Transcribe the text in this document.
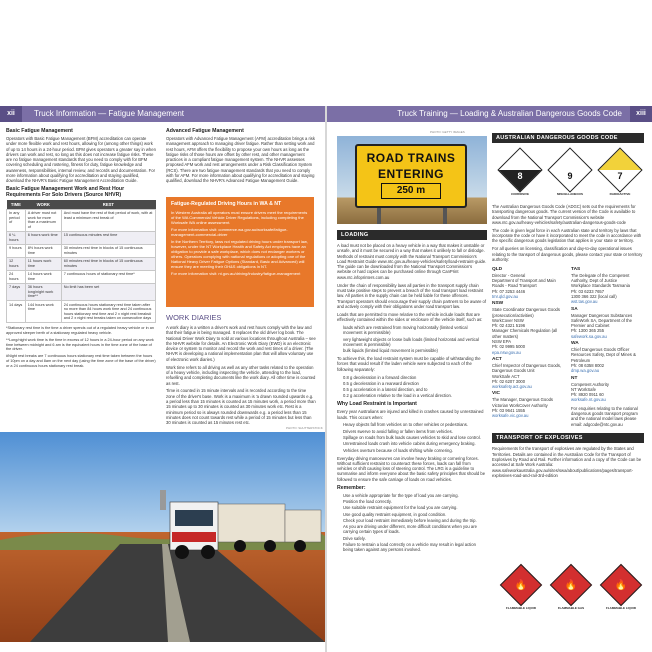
xii	Truck Information — Fatigue Management	Truck Training — Loading & Australian Dangerous Goods Code	xiii
Basic Fatigue Management

Operators with Basic Fatigue Management (BFM) accreditation can operate under more flexible work and rest hours, allowing for (among other things) work of up to 14 hours in a 24-hour period. BFM gives operators a greater say in when drivers can work and rest, so long as this does not increase fatigue risks. These are no fatigue management standards that you need to comply with for BFM covering scheduling and rostering, fitness for duty, fatigue knowledge and awareness, responsibilities, internal review, and records and documentation. For more information about qualifying for accreditation and staying qualified, download the NHVR's Basic Fatigue Management Accreditation Guide.

Basic Fatigue Management Work and Rest Hour Requirements For Solo Drivers (Source NHVR)
TIME	WORK	REST
In any period of	A driver must not work for more than a maximum of	And must have the rest of that period of work, with at least a minimum rest break of
6 ¼ hours	6 hours work time	15 continuous minutes rest time
9 hours	8½ hours work time	30 minutes rest time in blocks of 15 continuous minutes
12 hours	11 hours work time	60 minutes rest time in blocks of 15 continuous minutes
24 hours	14 hours work time	7 continuous hours of stationary rest time*
7 days	36 hours long/night work time**	No limit has been set
14 days	144 hours work time	24 continuous hours stationary rest time taken after no more than 84 hours work time and 24 continuous hours stationary rest time and 2 x night rest breaks# and 2 x night rest breaks taken on consecutive days

*Stationary rest time is the time a driver spends out of a regulated heavy vehicle or in an approved sleeper berth of a stationary regulated heavy vehicle.

**Long/night work time is the time in excess of 12 hours in a 24-hour period on any work time between midnight and 6 am is the equivalent hours in the time zone of the base of the driver.

#Night rest breaks are 7 continuous hours stationary rest time taken between the hours of 10pm on a day and 8am on the next day (using the time zone of the base of the driver) or a 24 continuous hours stationary rest break.

Advanced Fatigue Management

Operators with Advanced Fatigue Management (AFM) accreditation brings a risk management approach to managing driver fatigue. Rather than setting work and rest hours, AFM offers the flexibility to propose your own hours as long as the fatigue risks of those hours are offset by other rest, and other management practices in a compliant fatigue management system. The NHVR assesses proposed AFM work and rest arrangements under a Risk Classification System (RCS). There are two fatigue management standards that you need to comply with for AFM. For more information about qualifying for accreditation and staying qualified, download the NHVR's Advanced Fatigue Management Guide.

Fatigue-Regulated Driving Hours in WA & NT

In Western Australia all operators must ensure drivers meet the requirements of the WA Commercial Vehicle Driver Regulations, including completing the Worksafe WA online assessment.

For more information visit: commerce.wa.gov.au/worksafe/fatigue-management-commercial-driver

In the Northern Territory, laws not regulated driving hours under transport law, however, under the NT Workplace Health and Safety Act employers have an obligation to provide a safe workplace, which does not endanger workers or others. Operators complying with national regulations or adopting one of the National Heavy Driver Fatigue Options (Standard, Basic and Advanced) will ensure they are meeting their OH&S obligations in NT.

For more information visit: nt.gov.au/driving/industry/fatigue-management

WORK DIARIES

A work diary is a written a driver's work and rest hours comply with the law and that their fatigue is being managed. It replaces the old driver log book. The National Driver Work Diary to sold at various locations throughout Australia – see the NHVR website for details. An Electronic Work Diary (EWD) is an electronic device or system to monitor and record the work and rest times of a driver. (The NHVR is developing a national implementation plan that will allow voluntary use of electronic work diaries.)

Work time refers to all driving as well as any other tasks related to the operation of a heavy vehicle, including inspecting the vehicle, attending to the load, refuelling and completing documents like the work diary. All other time is counted as rest.

Time is counted in 15 minute intervals and is recorded according to the time zone of the driver's base. Work is a maximum is 'a drawn rounded upwards e.g. a period less than 15 minutes is counted as 15 minutes work, a period more than 15 minutes up to 30 minutes is counted as 30 minutes work etc. Rest is a minimum period so is always rounded downwards e.g. a period less than 15 minutes does not count towards rest while a period of 15 minutes but less than 30 minutes is counted as 15 minutes rest etc.

PHOTO: SHUTTERSTOCK
PHOTO: GETTY IMAGES
ROAD TRAINS
ENTERING
250 m
LOADING

A load must not be placed on a heavy vehicle in a way that makes it unstable or unsafe, and it must be secured in a way that makes it unlikely to fall or dislodge. Methods of restraint must comply with the National Transport Commission's Load Restraint Guide www.ntc.gov.au/heavy-vehicles/safety/load-restraint-guide. The guide can be downloaded from the National Transport Commission's website or hard copies can be purchased online through CanPrint www.ntc.infoprinters.com.au

Under the chain of responsibility laws all parties in the transport supply chain must take positive steps to prevent a breach of the road transport load restraint law. All parties in the supply chain can be held liable for these offences. Transport operators should encourage their supply chain partners to be aware of and actively comply with their obligations under road transport law.

Loads that are permitted to move relative to the vehicle include loads that are effectively contained within the sides or enclosure of the vehicle itself, such as:

• loads which are restrained from moving horizontally (limited vertical movement is permissible)
• very lightweight objects or loose bulk loads (limited horizontal and vertical movement is permissible)
• bulk liquids (limited liquid movement is permissible)

To achieve this, the load restraint system must be capable of withstanding the forces that would result if the laden vehicle were subjected to each of the following separately:

• 0.8 g deceleration in a forward direction
• 0.5 g deceleration in a rearward direction
• 0.5 g acceleration in a lateral direction, and to
• 0.2 g acceleration relative to the load in a vertical direction.
Why Load Restraint is Important

Every year Australians are injured and killed in crashes caused by unrestrained loads. This occurs when:

• Heavy objects fall from vehicles on to other vehicles or pedestrians.
• Drivers swerve to avoid falling or fallen items from vehicles.
• Spillage on roads from bulk loads causes vehicles to skid and lose control.
• Unrestrained loads crash into vehicle cabins during emergency braking.
• Vehicles overturn because of loads shifting while cornering.

Everyday driving manoeuvres can involve heavy braking or cornering forces. Without sufficient restraint to counteract these forces, loads can fall from vehicles or shift causing loss of steering control. The LRG is a guideline to summarise and inform everyone about the basic safety principles that should be followed to ensure the safe carriage of loads on road vehicles.

Remember:
• Use a vehicle appropriate for the type of load you are carrying.
• Position the load correctly.
• Use suitable restraint equipment for the load you are carrying.
• Use good quality restraint equipment, in good condition.
• Check your load restraint immediately before leaving and during the trip.
• As you are driving under different, more difficult conditions when you are carrying certain types of loads.
• Drive safely.
• Failure to restrain a load correctly on a vehicle may result in legal action being taken against any persons involved.
AUSTRALIAN DANGEROUS GOODS CODE
8
CORROSIVE
9
MISCELLANEOUS
7
RADIOACTIVE

The Australian Dangerous Goods Code (ADGC) sets out the requirements for transporting dangerous goods. The current version of the Code is available to download from the National Transport Commission's website www.ntc.gov.au/heavy-vehicles/safety/australian-dangerous-goods-code

The code is given legal force in each Australian state and territory by laws that incorporate the code or have it incorporated to meet the code in accordance with the specific dangerous goods legislation that applies in your state or territory.

For all queries on licensing, classification and day-to-day operational issues relating to the transport of dangerous goods, please contact your state or territory authority:

QLD
Director - General
Department of Transport and Main Roads - Road Transport
Ph: 07 3253 4446
tmr.qld.gov.au
NSW
State Coordinator Dangerous Goods (prosecution/activities)
WorkCover NSW
Ph: 02 4321 5196
Manager Chemicals Regulation (all other matters)
NSW EPA
Ph: 02 9995 5000
epa.nsw.gov.au
ACT
Chief Inspector of Dangerous Goods, Dangerous Goods Unit
WorkSafe ACT
Ph: 02 6207 3000
worksafety.act.gov.au
VIC
The Manager, Dangerous Goods
Victorian WorkCover Authority
Ph: 03 9641 1555
worksafe.vic.gov.au
TAS
The Delegate of the Competent Authority, Dept of Justice
Workplace Standards Tasmania
Ph: 03 6233 7657
1300 366 322 (local call)
wst.tas.gov.au
SA
Manager Dangerous Substances
SafeWork SA, Department of the Premier and Cabinet
Ph: 1300 365 255
safework.sa.gov.au
WA
Chief Dangerous Goods Officer
Resources Safety, Dept of Mines & Petroleum
Ph: 08 6358 8002
dmp.wa.gov.au
NT
Competent Authority
NT WorkSafe
Ph: 8920 0911 60
worksafe.nt.gov.au

For enquiries relating to the national dangerous goods transport program and the national model laws please email: adgcode@ntc.gov.au

TRANSPORT OF EXPLOSIVES

Requirements for the transport of explosives are regulated by the States and Territories. Details are contained in the Australian Code for the Transport of Explosives by Road and Rail. Further information and a copy of the Code can be accessed at Safe Work Australia: www.safeworkaustralia.gov.au/sites/swa/about/publications/pages/transport-explosives-road-and-rail-3rd-edition

🔥
FLAMMABLE LIQUID
🔥
FLAMMABLE GAS
🔥
FLAMMABLE LIQUID
